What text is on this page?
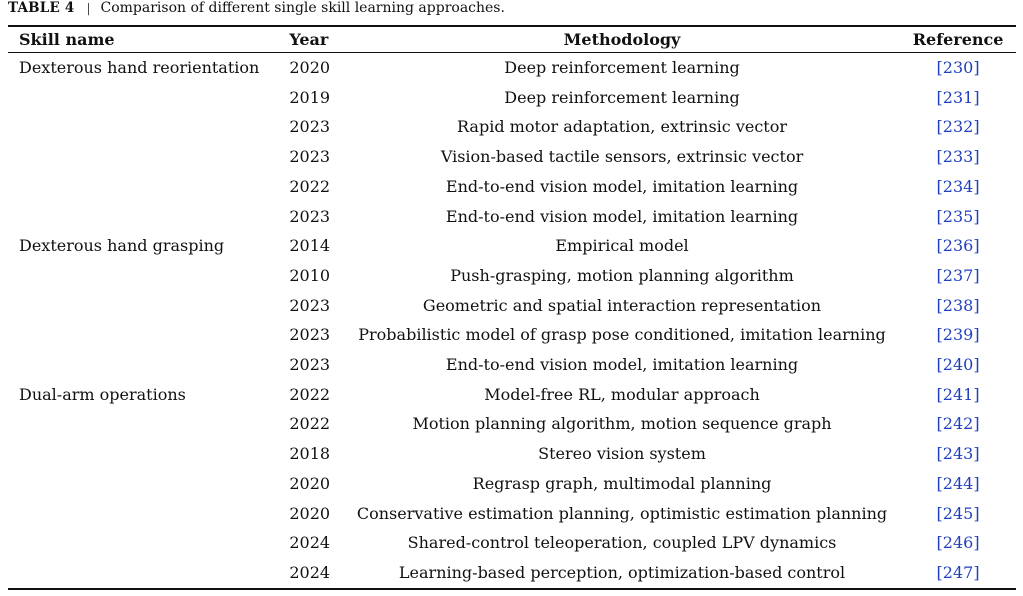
TABLE 4 | Comparison of different single skill learning approaches.
Skill name	Year	Methodology	Reference
Dexterous hand reorientation	2020	Deep reinforcement learning	[230]
	2019	Deep reinforcement learning	[231]
	2023	Rapid motor adaptation, extrinsic vector	[232]
	2023	Vision-based tactile sensors, extrinsic vector	[233]
	2022	End-to-end vision model, imitation learning	[234]
	2023	End-to-end vision model, imitation learning	[235]
Dexterous hand grasping	2014	Empirical model	[236]
	2010	Push-grasping, motion planning algorithm	[237]
	2023	Geometric and spatial interaction representation	[238]
	2023	Probabilistic model of grasp pose conditioned, imitation learning	[239]
	2023	End-to-end vision model, imitation learning	[240]
Dual-arm operations	2022	Model-free RL, modular approach	[241]
	2022	Motion planning algorithm, motion sequence graph	[242]
	2018	Stereo vision system	[243]
	2020	Regrasp graph, multimodal planning	[244]
	2020	Conservative estimation planning, optimistic estimation planning	[245]
	2024	Shared-control teleoperation, coupled LPV dynamics	[246]
	2024	Learning-based perception, optimization-based control	[247]
